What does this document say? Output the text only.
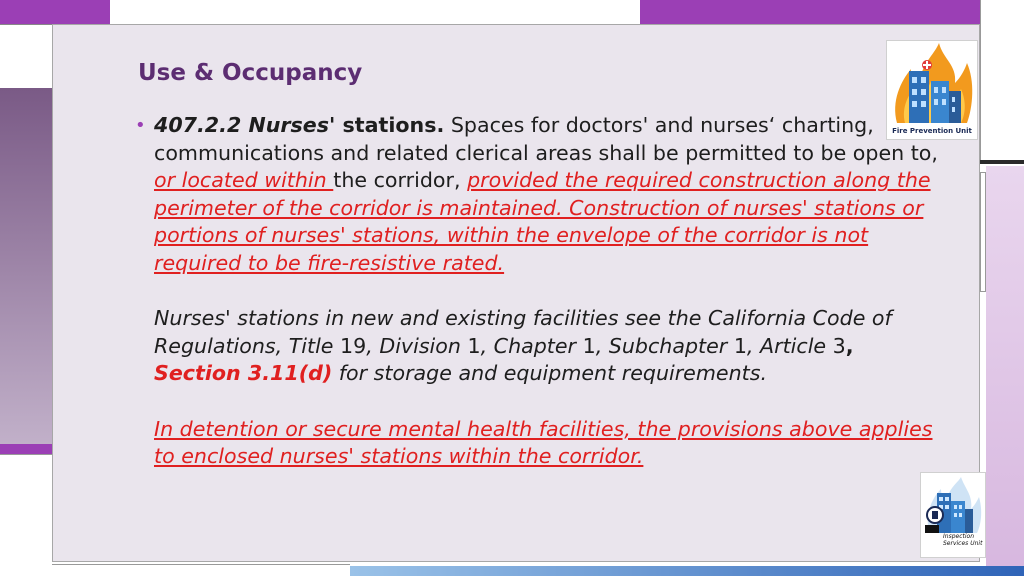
Use & Occupancy
Fire Prevention Unit
Inspection Services Unit
• 407.2.2 Nurses' stations. Spaces for doctors' and nurses‘ charting, communications and related clerical areas shall be permitted to be open to, or located within the corridor, provided the required construction along the perimeter of the corridor is maintained. Construction of nurses' stations or portions of nurses' stations, within the envelope of the corridor is not required to be fire-resistive rated.

Nurses' stations in new and existing facilities see the California Code of Regulations, Title 19, Division 1, Chapter 1, Subchapter 1, Article 3, Section 3.11(d) for storage and equipment requirements.

In detention or secure mental health facilities, the provisions above applies to enclosed nurses' stations within the corridor.
